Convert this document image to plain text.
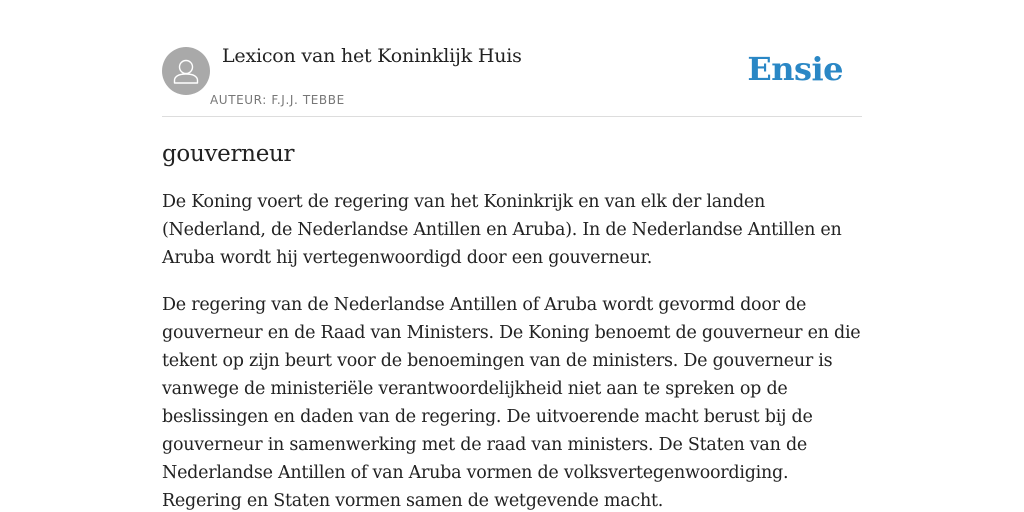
Lexicon van het Koninklijk Huis
AUTEUR: F.J.J. TEBBE
Ensie
gouverneur

De Koning voert de regering van het Koninkrijk en van elk der landen (Nederland, de Nederlandse Antillen en Aruba). In de Nederlandse Antillen en Aruba wordt hij vertegenwoordigd door een gouverneur.

De regering van de Nederlandse Antillen of Aruba wordt gevormd door de gouverneur en de Raad van Ministers. De Koning benoemt de gouverneur en die tekent op zijn beurt voor de benoemingen van de ministers. De gouverneur is vanwege de ministeriële verantwoordelijkheid niet aan te spreken op de beslissingen en daden van de regering. De uitvoerende macht berust bij de gouverneur in samenwerking met de raad van ministers. De Staten van de Nederlandse Antillen of van Aruba vormen de volksvertegenwoordiging. Regering en Staten vormen samen de wetgevende macht.
